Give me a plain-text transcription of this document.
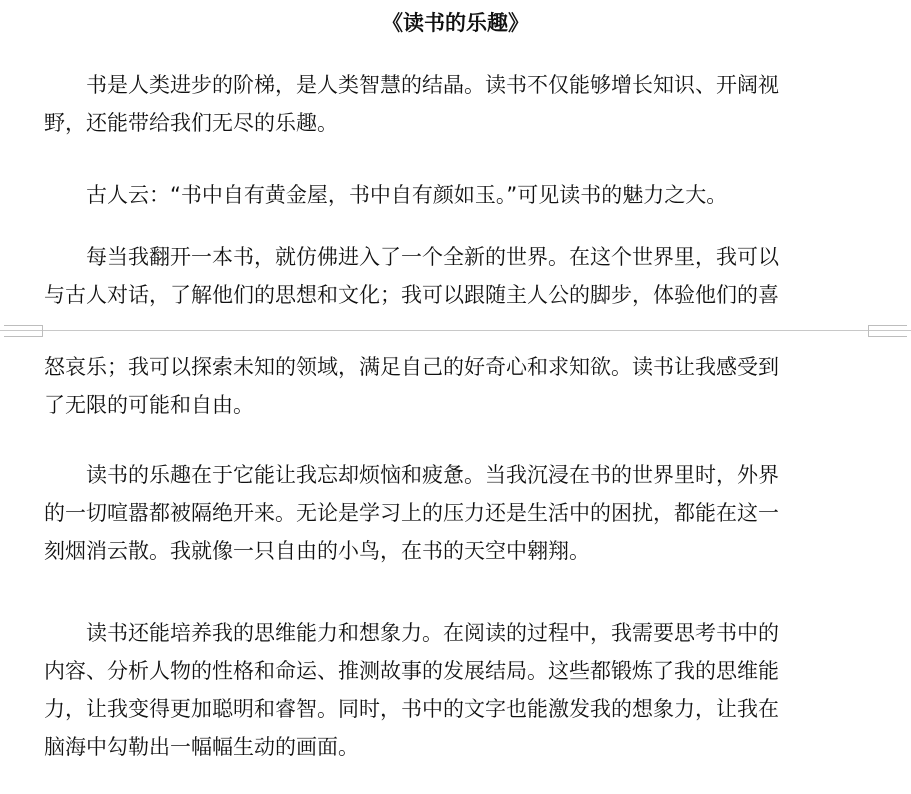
《读书的乐趣》

书是人类进步的阶梯，是人类智慧的结晶。读书不仅能够增长知识、开阔视
野，还能带给我们无尽的乐趣。

古人云：“书中自有黄金屋，书中自有颜如玉。”可见读书的魅力之大。

每当我翻开一本书，就仿佛进入了一个全新的世界。在这个世界里，我可以
与古人对话，了解他们的思想和文化；我可以跟随主人公的脚步，体验他们的喜

怒哀乐；我可以探索未知的领域，满足自己的好奇心和求知欲。读书让我感受到
了无限的可能和自由。

读书的乐趣在于它能让我忘却烦恼和疲惫。当我沉浸在书的世界里时，外界
的一切喧嚣都被隔绝开来。无论是学习上的压力还是生活中的困扰，都能在这一
刻烟消云散。我就像一只自由的小鸟，在书的天空中翱翔。

读书还能培养我的思维能力和想象力。在阅读的过程中，我需要思考书中的
内容、分析人物的性格和命运、推测故事的发展结局。这些都锻炼了我的思维能
力，让我变得更加聪明和睿智。同时，书中的文字也能激发我的想象力，让我在
脑海中勾勒出一幅幅生动的画面。
